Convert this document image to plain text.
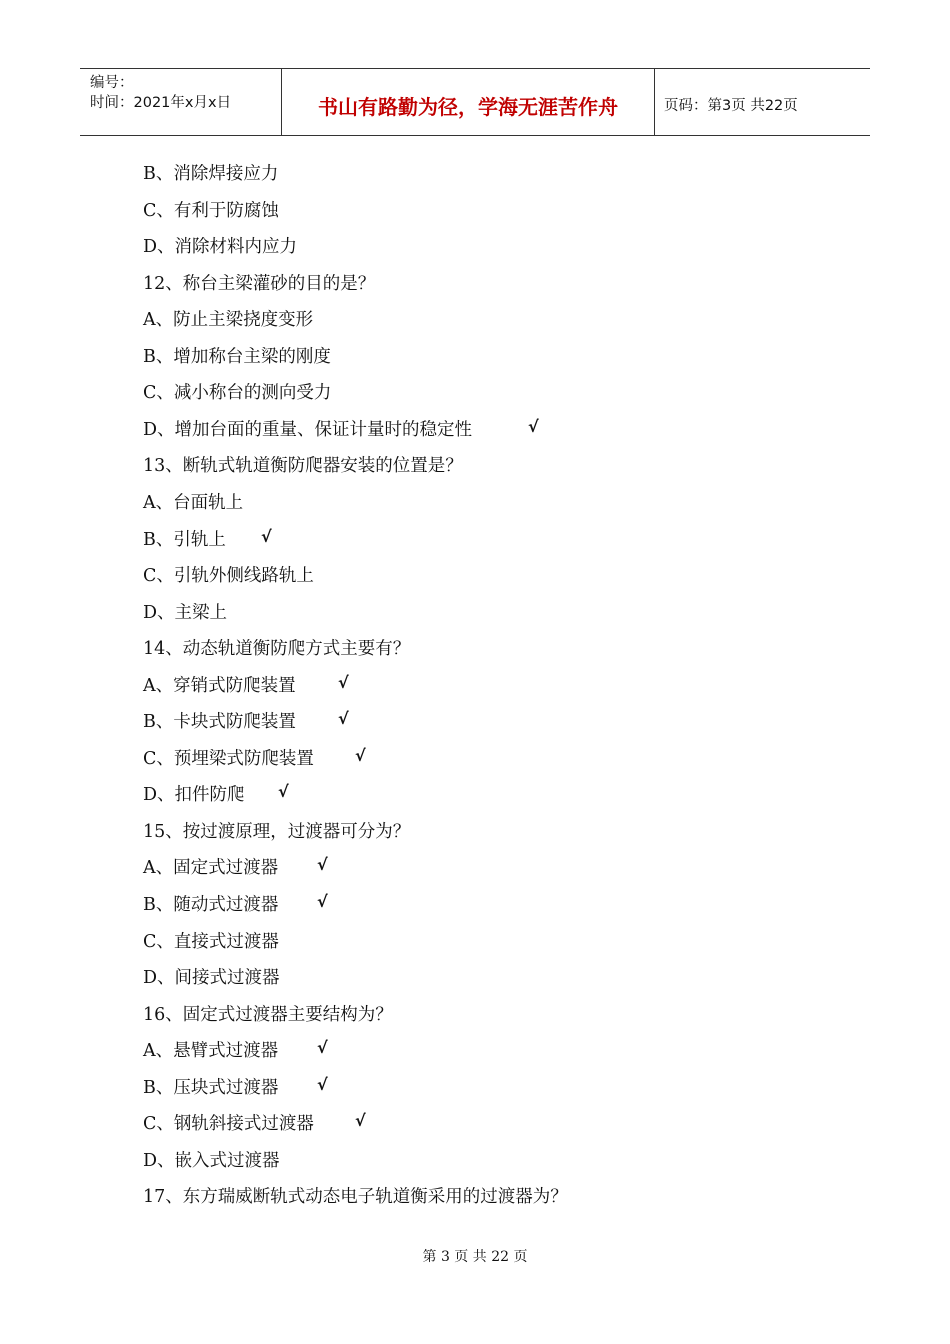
编号：
时间：2021年x月x日	书山有路勤为径，学海无涯苦作舟	页码：第3页 共22页
B、消除焊接应力
C、有利于防腐蚀
D、消除材料内应力
12、称台主梁灌砂的目的是？
A、防止主梁挠度变形
B、增加称台主梁的刚度
C、减小称台的测向受力
D、增加台面的重量、保证计量时的稳定性	√
13、断轨式轨道衡防爬器安装的位置是？
A、台面轨上
B、引轨上 √
C、引轨外侧线路轨上
D、主梁上
14、动态轨道衡防爬方式主要有？
A、穿销式防爬装置	√
B、卡块式防爬装置	√
C、预埋梁式防爬装置	√
D、扣件防爬 √
15、按过渡原理，过渡器可分为？
A、固定式过渡器 √
B、随动式过渡器 √
C、直接式过渡器
D、间接式过渡器
16、固定式过渡器主要结构为？
A、悬臂式过渡器 √
B、压块式过渡器 √
C、钢轨斜接式过渡器	√
D、嵌入式过渡器
17、东方瑞威断轨式动态电子轨道衡采用的过渡器为？
第 3 页 共 22 页
